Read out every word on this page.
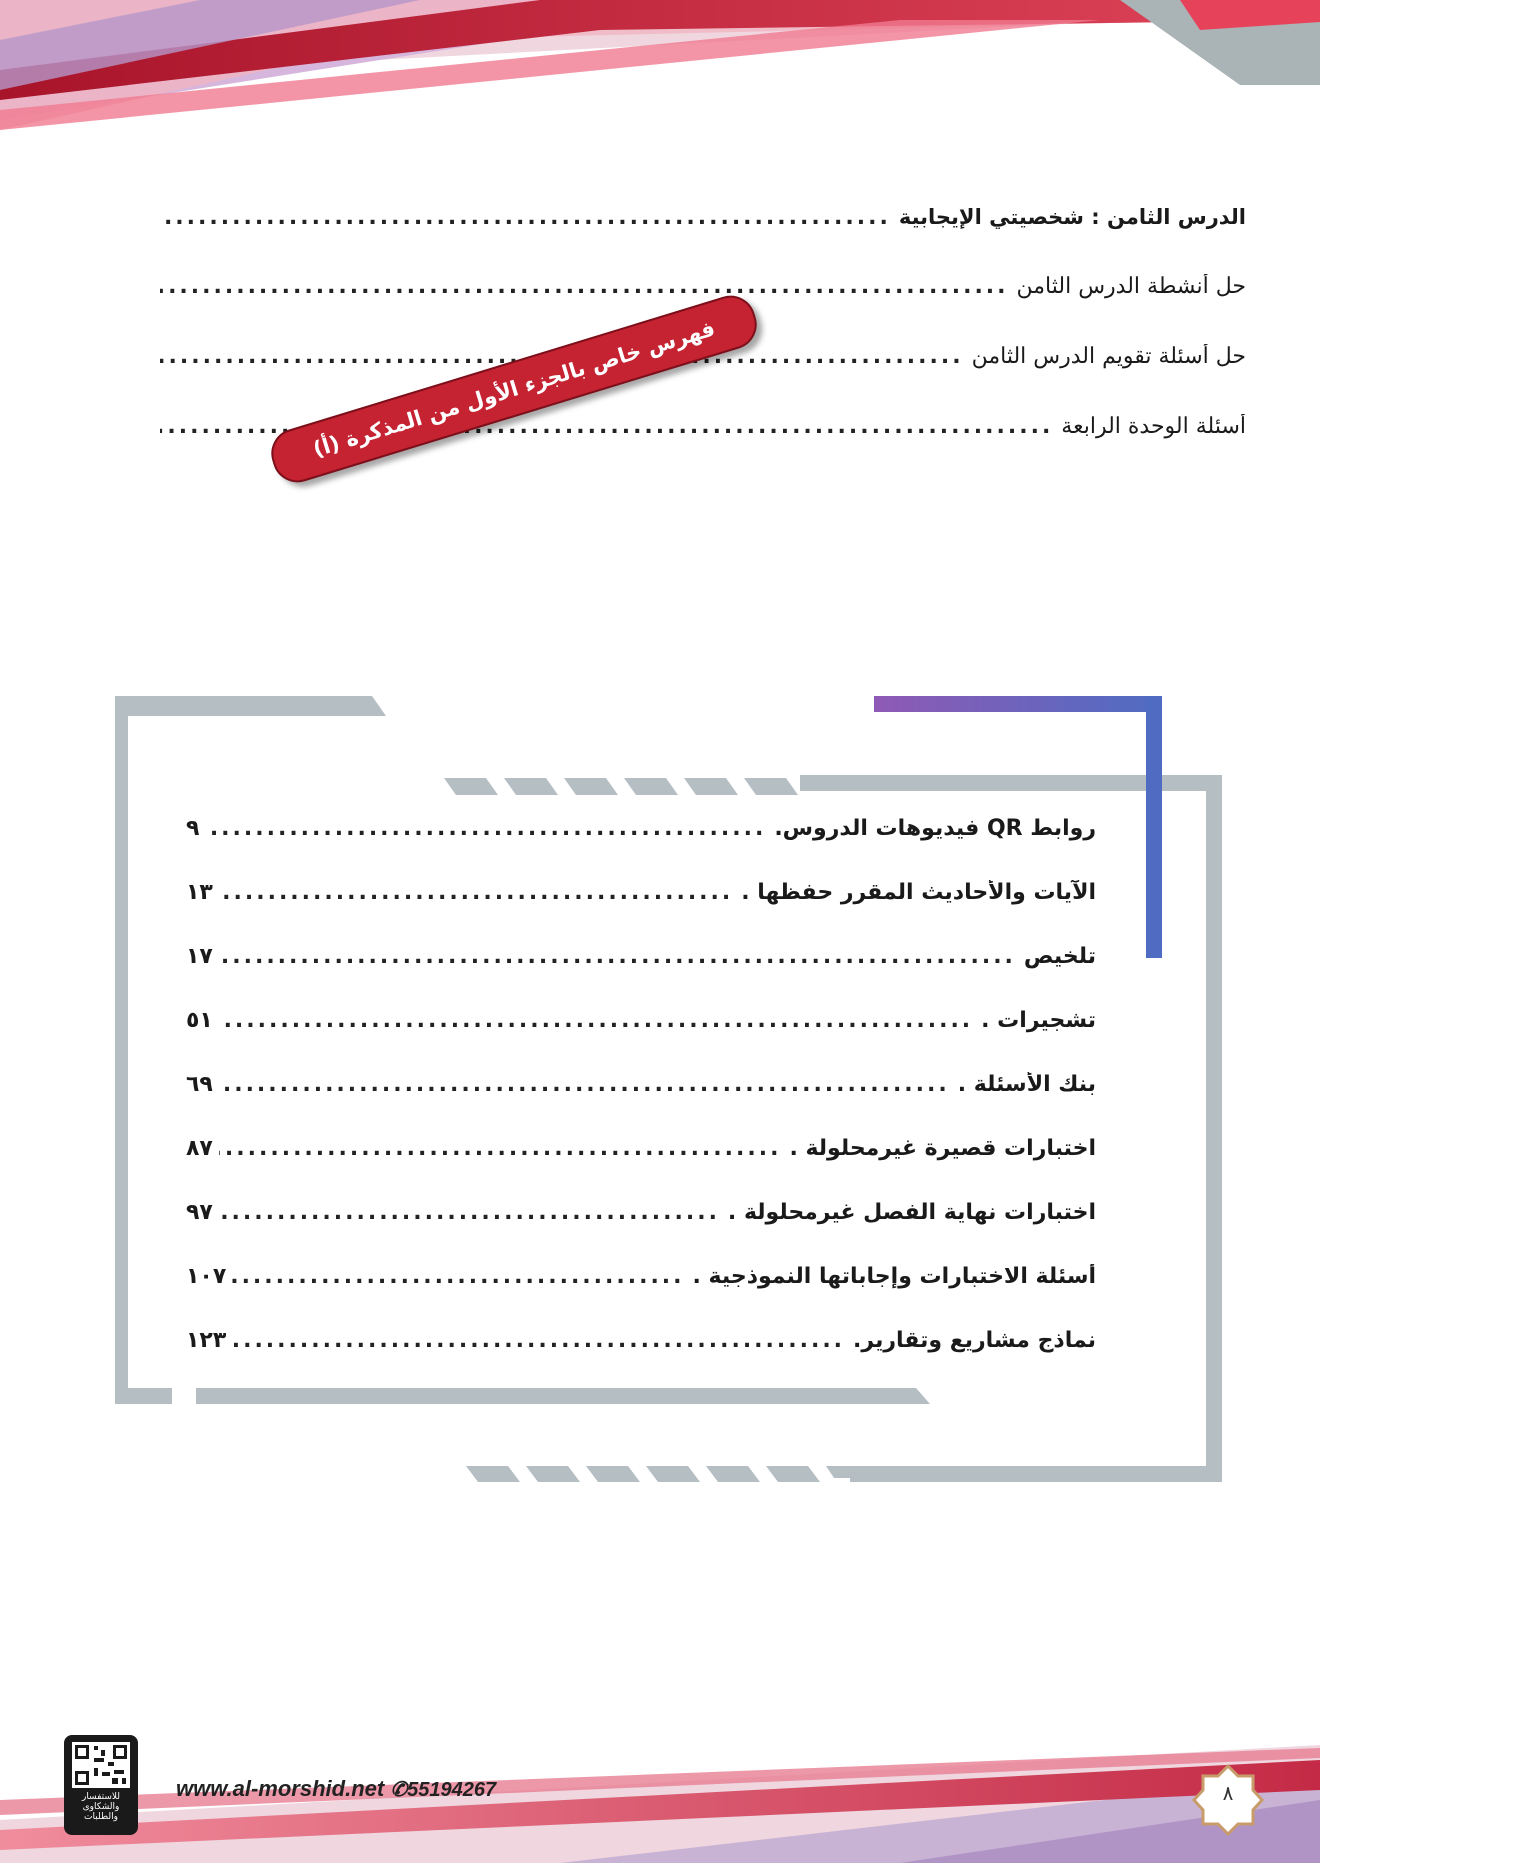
الدرس الثامن : شخصيتي الإيجابية
.....
حل أنشطة الدرس الثامن
.....
حل أسئلة تقويم الدرس الثامن
.....
أسئلة الوحدة الرابعة
.....
فهرس خاص بالجزء الأول من المذكرة (أ)
روابط QR فيديوهات الدروس.
.....
٩
الآيات والأحاديث المقرر حفظها .
.....
١٣
تلخيص
.....
١٧
تشجيرات .
.....
٥١
بنك الأسئلة .
.....
٦٩
اختبارات قصيرة غيرمحلولة .
.....
٨٧
اختبارات نهاية الفصل غيرمحلولة .
.....
٩٧
أسئلة الاختبارات وإجاباتها النموذجية .
.....
١٠٧
نماذج مشاريع وتقارير.
.....
١٢٣
www.al-morshid.net ✆55194267	٨
للاستفسار والشكاوى والطلبات
